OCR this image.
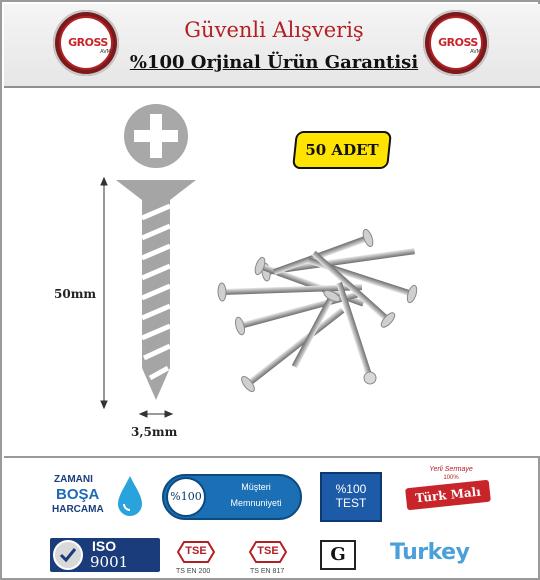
GROSS
AVM
Güvenli Alışveriş
%100 Orjinal Ürün Garantisi
GROSS
AVM
50 ADET
50mm
3,5mm
ZAMANI
BOŞA
HARCAMA
%100
Müşteri
Memnuniyeti
%100
TEST
Yerli Sermaye
100%
Türk Malı
ISO
9001
TSE
TS EN 200
TSE
TS EN 817
G	Turkey
